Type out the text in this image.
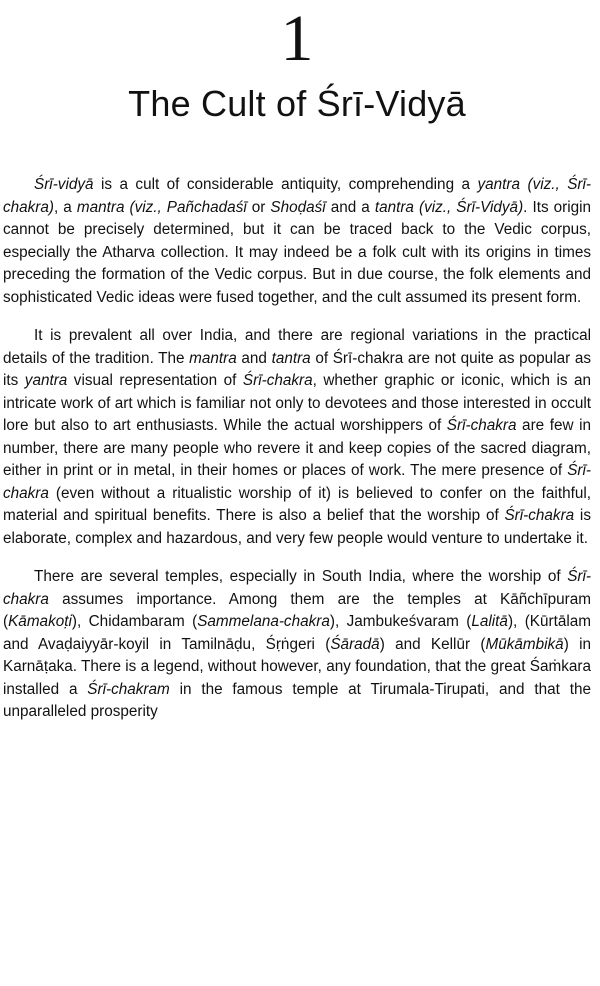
1
The Cult of Śrī-Vidyā

Śrī-vidyā is a cult of considerable antiquity, comprehending a yantra (viz., Śrī-chakra), a mantra (viz., Pañchadaśī or Shoḍaśī and a tantra (viz., Śrī-Vidyā). Its origin cannot be precisely determined, but it can be traced back to the Vedic corpus, especially the Atharva collection. It may indeed be a folk cult with its origins in times preceding the formation of the Vedic corpus. But in due course, the folk elements and sophisticated Vedic ideas were fused together, and the cult assumed its present form.

It is prevalent all over India, and there are regional variations in the practical details of the tradition. The mantra and tantra of Śrī-chakra are not quite as popular as its yantra visual representation of Śrī-chakra, whether graphic or iconic, which is an intricate work of art which is familiar not only to devotees and those interested in occult lore but also to art enthusiasts. While the actual worshippers of Śrī-chakra are few in number, there are many people who revere it and keep copies of the sacred diagram, either in print or in metal, in their homes or places of work. The mere presence of Śrī-chakra (even without a ritualistic worship of it) is believed to confer on the faithful, material and spiritual benefits. There is also a belief that the worship of Śrī-chakra is elaborate, complex and hazardous, and very few people would venture to undertake it.

There are several temples, especially in South India, where the worship of Śrī-chakra assumes importance. Among them are the temples at Kāñchīpuram (Kāmakoṭi), Chidambaram (Sammelana-chakra), Jambukeśvaram (Lalitā), (Kūrtālam and Avaḍaiyyār-koyil in Tamilnāḍu, Śṛṅgeri (Śāradā) and Kellūr (Mūkāmbikā) in Karnāṭaka. There is a legend, without however, any foundation, that the great Śaṁkara installed a Śrī-chakram in the famous temple at Tirumala-Tirupati, and that the unparalleled prosperity
